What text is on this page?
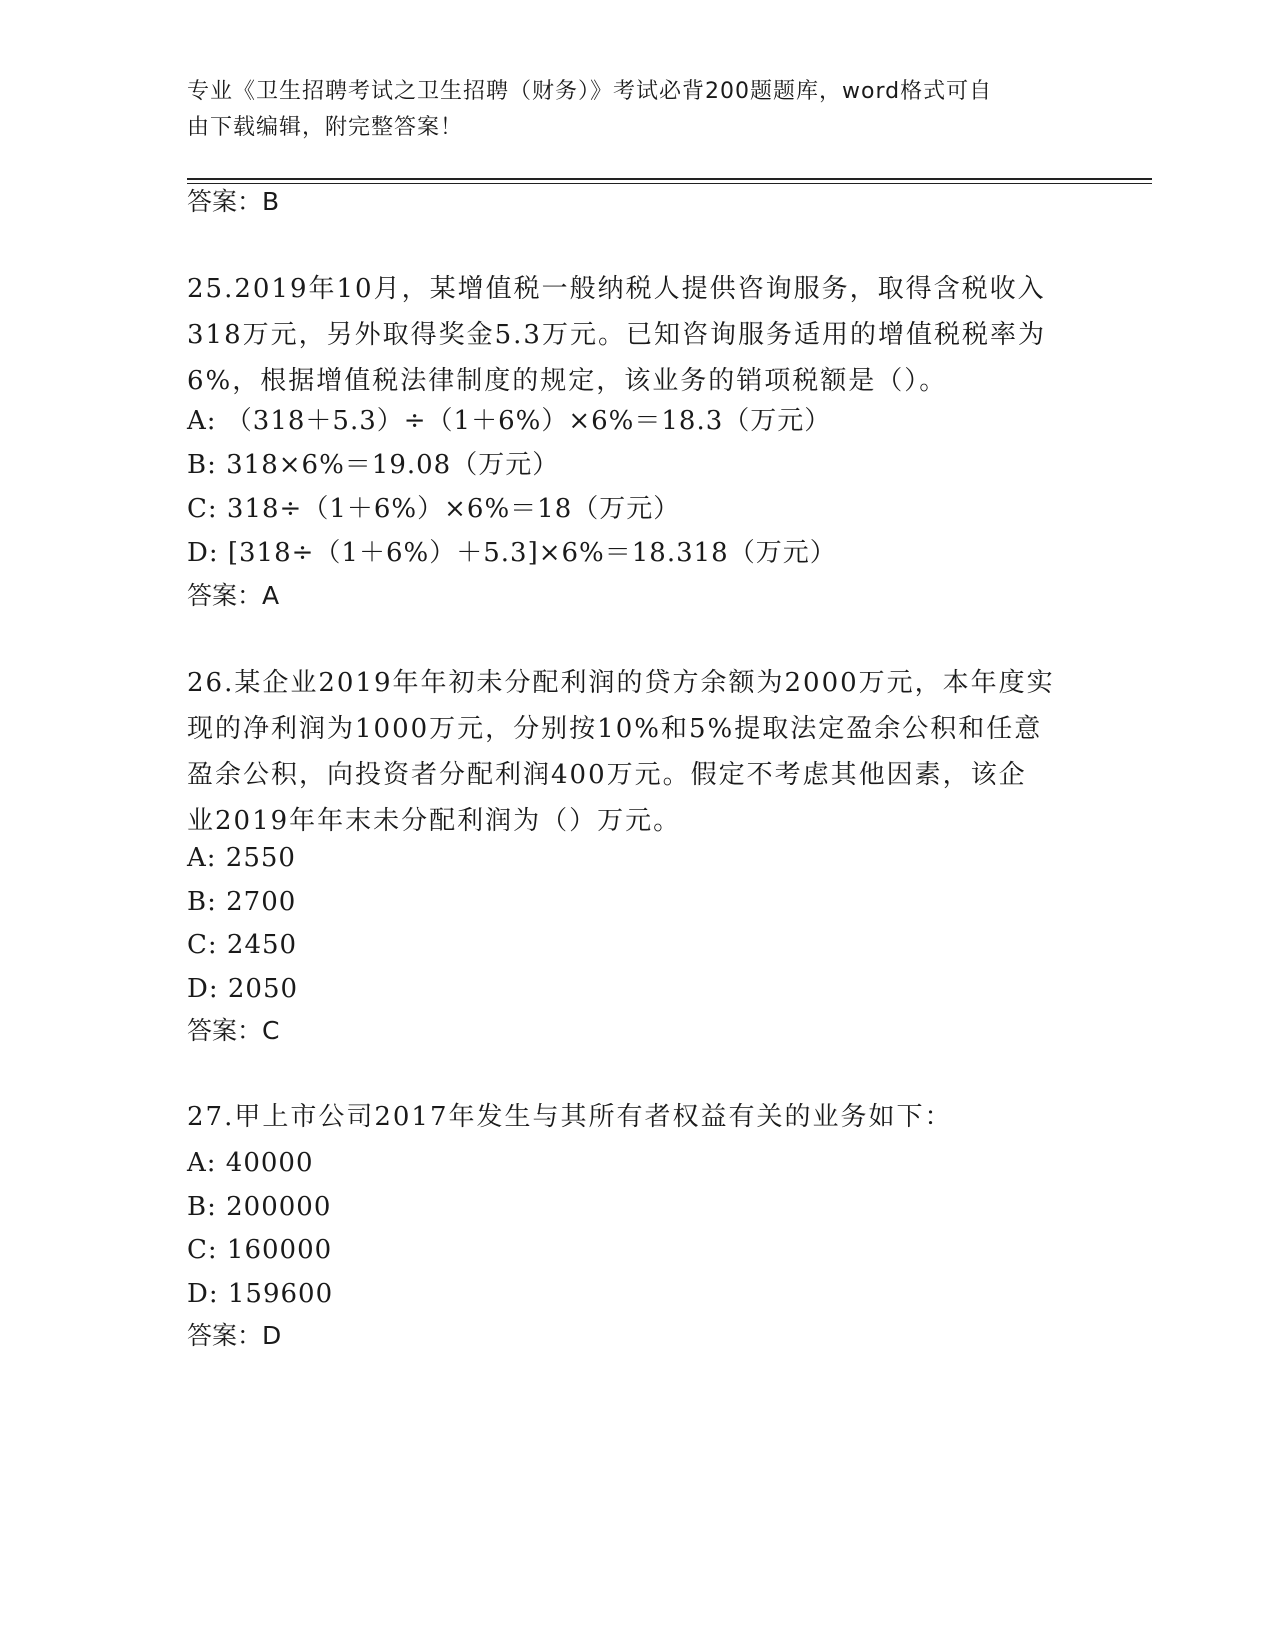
专业《卫生招聘考试之卫生招聘（财务）》考试必背200题题库，word格式可自
由下载编辑，附完整答案！
答案：B
25.2019年10月，某增值税一般纳税人提供咨询服务，取得含税收入
318万元，另外取得奖金5.3万元。已知咨询服务适用的增值税税率为
6%，根据增值税法律制度的规定，该业务的销项税额是（）。
A: （318＋5.3）÷（1＋6%）×6%＝18.3（万元）
B: 318×6%＝19.08（万元）
C: 318÷（1＋6%）×6%＝18（万元）
D: [318÷（1＋6%）＋5.3]×6%＝18.318（万元）
答案：A
26.某企业2019年年初未分配利润的贷方余额为2000万元，本年度实
现的净利润为1000万元，分别按10%和5%提取法定盈余公积和任意
盈余公积，向投资者分配利润400万元。假定不考虑其他因素，该企
业2019年年末未分配利润为（）万元。
A: 2550
B: 2700
C: 2450
D: 2050
答案：C
27.甲上市公司2017年发生与其所有者权益有关的业务如下：
A: 40000
B: 200000
C: 160000
D: 159600
答案：D
